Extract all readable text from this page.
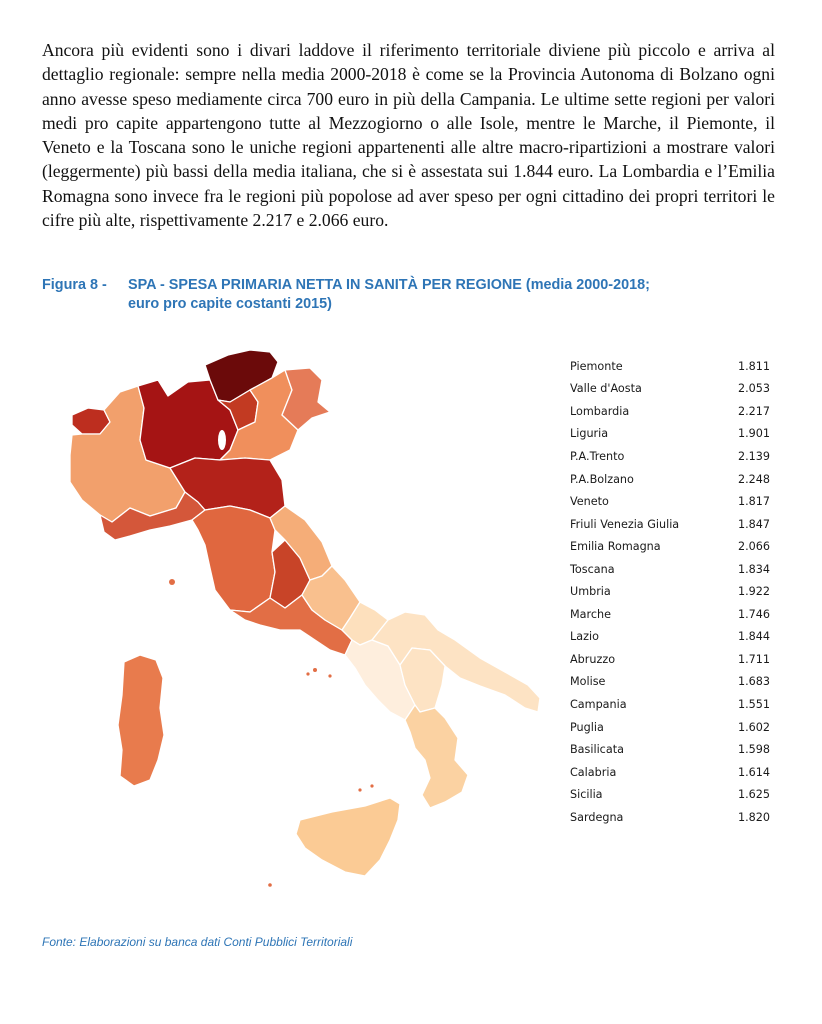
Ancora più evidenti sono i divari laddove il riferimento territoriale diviene più piccolo e arriva al dettaglio regionale: sempre nella media 2000-2018 è come se la Provincia Autonoma di Bolzano ogni anno avesse speso mediamente circa 700 euro in più della Campania. Le ultime sette regioni per valori medi pro capite appartengono tutte al Mezzogiorno o alle Isole, mentre le Marche, il Piemonte, il Veneto e la Toscana sono le uniche regioni appartenenti alle altre macro-ripartizioni a mostrare valori (leggermente) più bassi della media italiana, che si è assestata sui 1.844 euro. La Lombardia e l’Emilia Romagna sono invece fra le regioni più popolose ad aver speso per ogni cittadino dei propri territori le cifre più alte, rispettivamente 2.217 e 2.066 euro.

Figura 8 - SPA - SPESA PRIMARIA NETTA IN SANITÀ PER REGIONE (media 2000-2018;
euro pro capite costanti 2015)
Piemonte	1.811
Valle d'Aosta	2.053
Lombardia	2.217
Liguria	1.901
P.A.Trento	2.139
P.A.Bolzano	2.248
Veneto	1.817
Friuli Venezia Giulia	1.847
Emilia Romagna	2.066
Toscana	1.834
Umbria	1.922
Marche	1.746
Lazio	1.844
Abruzzo	1.711
Molise	1.683
Campania	1.551
Puglia	1.602
Basilicata	1.598
Calabria	1.614
Sicilia	1.625
Sardegna	1.820
Fonte: Elaborazioni su banca dati Conti Pubblici Territoriali
